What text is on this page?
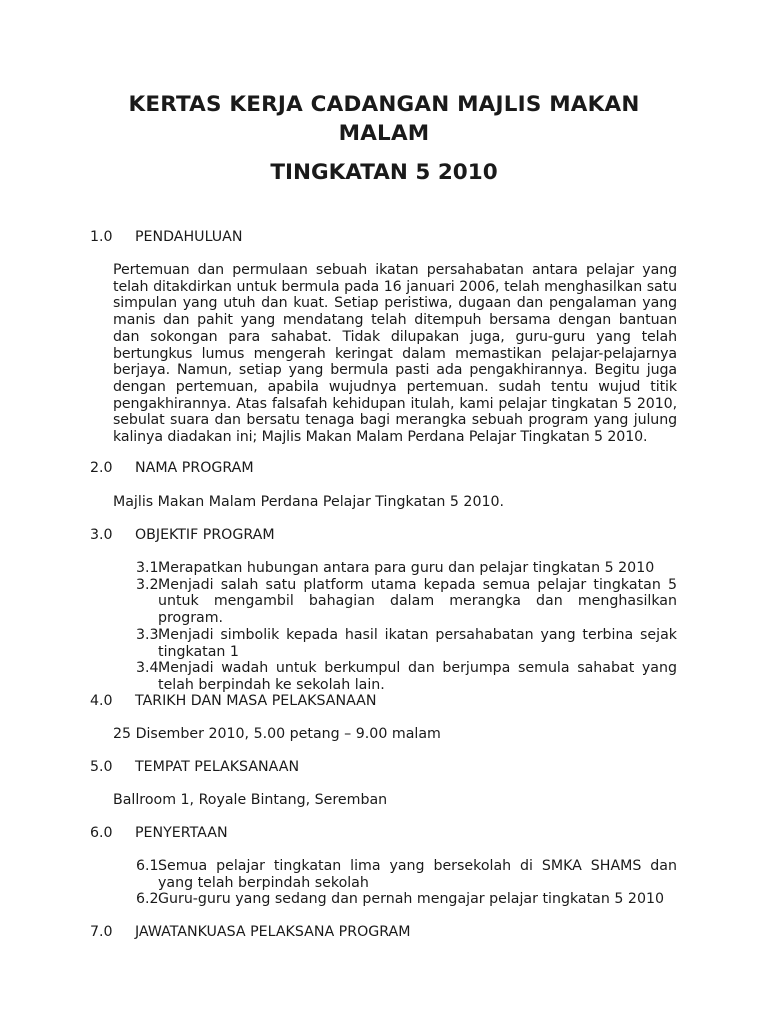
KERTAS KERJA CADANGAN MAJLIS MAKAN MALAM
TINGKATAN 5 2010
1.0 PENDAHULUAN
Pertemuan dan permulaan sebuah ikatan persahabatan antara pelajar yang telah ditakdirkan untuk bermula pada 16 januari 2006, telah menghasilkan satu simpulan yang utuh dan kuat. Setiap peristiwa, dugaan dan pengalaman yang manis dan pahit yang mendatang telah ditempuh bersama dengan bantuan dan sokongan para sahabat. Tidak dilupakan juga, guru-guru yang telah bertungkus lumus mengerah keringat dalam memastikan pelajar-pelajarnya berjaya. Namun, setiap yang bermula pasti ada pengakhirannya. Begitu juga dengan pertemuan, apabila wujudnya pertemuan. sudah tentu wujud titik pengakhirannya. Atas falsafah kehidupan itulah, kami pelajar tingkatan 5 2010, sebulat suara dan bersatu tenaga bagi merangka sebuah program yang julung kalinya diadakan ini; Majlis Makan Malam Perdana Pelajar Tingkatan 5 2010.
2.0 NAMA PROGRAM
Majlis Makan Malam Perdana Pelajar Tingkatan 5 2010.
3.0 OBJEKTIF PROGRAM
3.1 Merapatkan hubungan antara para guru dan pelajar tingkatan 5 2010
3.2 Menjadi salah satu platform utama kepada semua pelajar tingkatan 5 untuk mengambil bahagian dalam merangka dan menghasilkan program.
3.3 Menjadi simbolik kepada hasil ikatan persahabatan yang terbina sejak tingkatan 1
3.4 Menjadi wadah untuk berkumpul dan berjumpa semula sahabat yang telah berpindah ke sekolah lain.
4.0 TARIKH DAN MASA PELAKSANAAN
25 Disember 2010, 5.00 petang – 9.00 malam
5.0 TEMPAT PELAKSANAAN
Ballroom 1, Royale Bintang, Seremban
6.0 PENYERTAAN
6.1 Semua pelajar tingkatan lima yang bersekolah di SMKA SHAMS dan yang telah berpindah sekolah
6.2 Guru-guru yang sedang dan pernah mengajar pelajar tingkatan 5 2010
7.0 JAWATANKUASA PELAKSANA PROGRAM
